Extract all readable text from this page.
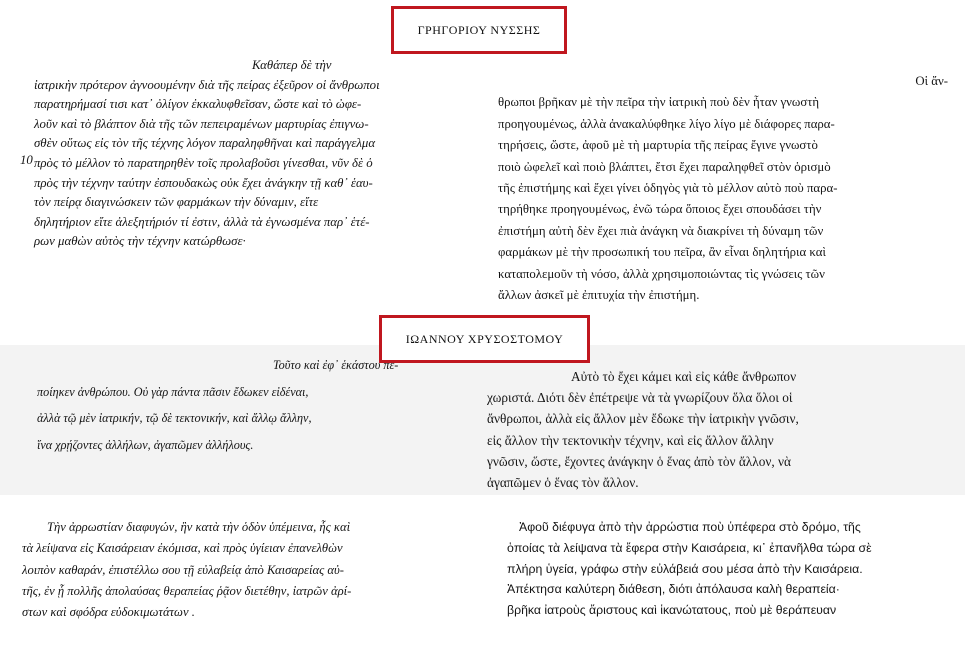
ΓΡΗΓΟΡΙΟΥ ΝΥΣΣΗΣ
Καθάπερ δὲ τὴν
ἰατρικὴν πρότερον ἀγνοουμένην διὰ τῆς πείρας ἐξεῦρον οἱ ἄνθρωποι
παρατηρήμασί τισι κατ᾽ ὀλίγον ἐκκαλυφθεῖσαν, ὥστε καὶ τὸ ὠφε-
λοῦν καὶ τὸ βλάπτον διὰ τῆς τῶν πεπειραμένων μαρτυρίας ἐπιγνω-
σθὲν οὕτως εἰς τὸν τῆς τέχνης λόγον παραληφθῆναι καὶ παράγγελμα
πρὸς τὸ μέλλον τὸ παρατηρηθὲν τοῖς προλαβοῦσι γίνεσθαι, νῦν δὲ ὁ
πρὸς τὴν τέχνην ταύτην ἐσπουδακὼς οὐκ ἔχει ἀνάγκην τῇ καθ᾽ ἑαυ-
τὸν πείρᾳ διαγινώσκειν τῶν φαρμάκων τὴν δύναμιν, εἴτε
δηλητήριον εἴτε ἀλεξητήριόν τί ἐστιν, ἀλλὰ τὰ ἐγνωσμένα παρ᾽ ἑτέ-
ρων μαθὼν αὐτὸς τὴν τέχνην κατώρθωσε·
10
Οἱ ἄν-
θρωποι βρῆκαν μὲ τὴν πεῖρα τὴν ἰατρικὴ ποὺ δὲν ἦταν γνωστὴ
προηγουμένως, ἀλλὰ ἀνακαλύφθηκε λίγο λίγο μὲ διάφορες παρα-
τηρήσεις, ὥστε, ἀφοῦ μὲ τὴ μαρτυρία τῆς πείρας ἔγινε γνωστὸ
ποιὸ ὠφελεῖ καὶ ποιὸ βλάπτει, ἔτσι ἔχει παραληφθεῖ στὸν ὁρισμὸ
τῆς ἐπιστήμης καὶ ἔχει γίνει ὁδηγὸς γιὰ τὸ μέλλον αὐτὸ ποὺ παρα-
τηρήθηκε προηγουμένως, ἐνῶ τώρα ὅποιος ἔχει σπουδάσει τὴν
ἐπιστήμη αὐτὴ δὲν ἔχει πιὰ ἀνάγκη νὰ διακρίνει τὴ δύναμη τῶν
φαρμάκων μὲ τὴν προσωπική του πεῖρα, ἂν εἶναι δηλητήρια καὶ
καταπολεμοῦν τὴ νόσο, ἀλλὰ χρησιμοποιώντας τὶς γνώσεις τῶν
ἄλλων ἀσκεῖ μὲ ἐπιτυχία τὴν ἐπιστήμη.
ΙΩΑΝΝΟΥ ΧΡΥΣΟΣΤΟΜΟΥ
Τοῦτο καὶ ἐφ᾽ ἑκάστου πε-
ποίηκεν ἀνθρώπου. Οὐ γὰρ πάντα πᾶσιν ἔδωκεν εἰδέναι,
ἀλλὰ τῷ μὲν ἰατρικήν, τῷ δὲ τεκτονικήν, καὶ ἄλλῳ ἄλλην,
ἵνα χρῄζοντες ἀλλήλων, ἀγαπῶμεν ἀλλήλους.
Αὐτὸ τὸ ἔχει κάμει καὶ εἰς κάθε ἄνθρωπον
χωριστά. Διότι δὲν ἐπέτρεψε νὰ τὰ γνωρίζουν ὅλα ὅλοι οἱ
ἄνθρωποι, ἀλλὰ εἰς ἄλλον μὲν ἔδωκε τὴν ἰατρικὴν γνῶσιν,
εἰς ἄλλον τὴν τεκτονικὴν τέχνην, καὶ εἰς ἄλλον ἄλλην
γνῶσιν, ὥστε, ἔχοντες ἀνάγκην ὁ ἕνας ἀπὸ τὸν ἄλλον, νὰ
ἀγαπῶμεν ὁ ἕνας τὸν ἄλλον.
Τὴν ἀρρωστίαν διαφυγών, ἣν κατὰ τὴν ὁδὸν ὑπέμεινα, ἧς καὶ
τὰ λείψανα εἰς Καισάρειαν ἐκόμισα, καὶ πρὸς ὑγίειαν ἐπανελθὼν
λοιπὸν καθαράν, ἐπιστέλλω σου τῇ εὐλαβείᾳ ἀπὸ Καισαρείας αὐ-
τῆς, ἐν ᾗ πολλῆς ἀπολαύσας θεραπείας ῥᾷον διετέθην, ἰατρῶν ἀρί-
στων καὶ σφόδρα εὐδοκιμωτάτων .
Ἀφοῦ διέφυγα ἀπὸ τὴν ἀρρώστια ποὺ ὑπέφερα στὸ δρόμο, τῆς
ὁποίας τὰ λείψανα τὰ ἔφερα στὴν Καισάρεια, κι᾽ ἐπανῆλθα τώρα σὲ
πλήρη ὑγεία, γράφω στὴν εὐλάβειά σου μέσα ἀπὸ τὴν Καισάρεια.
Ἀπέκτησα καλύτερη διάθεση, διότι ἀπόλαυσα καλὴ θεραπεία·
βρῆκα ἰατροὺς ἄριστους καὶ ἱκανώτατους, ποὺ μὲ θεράπευαν
